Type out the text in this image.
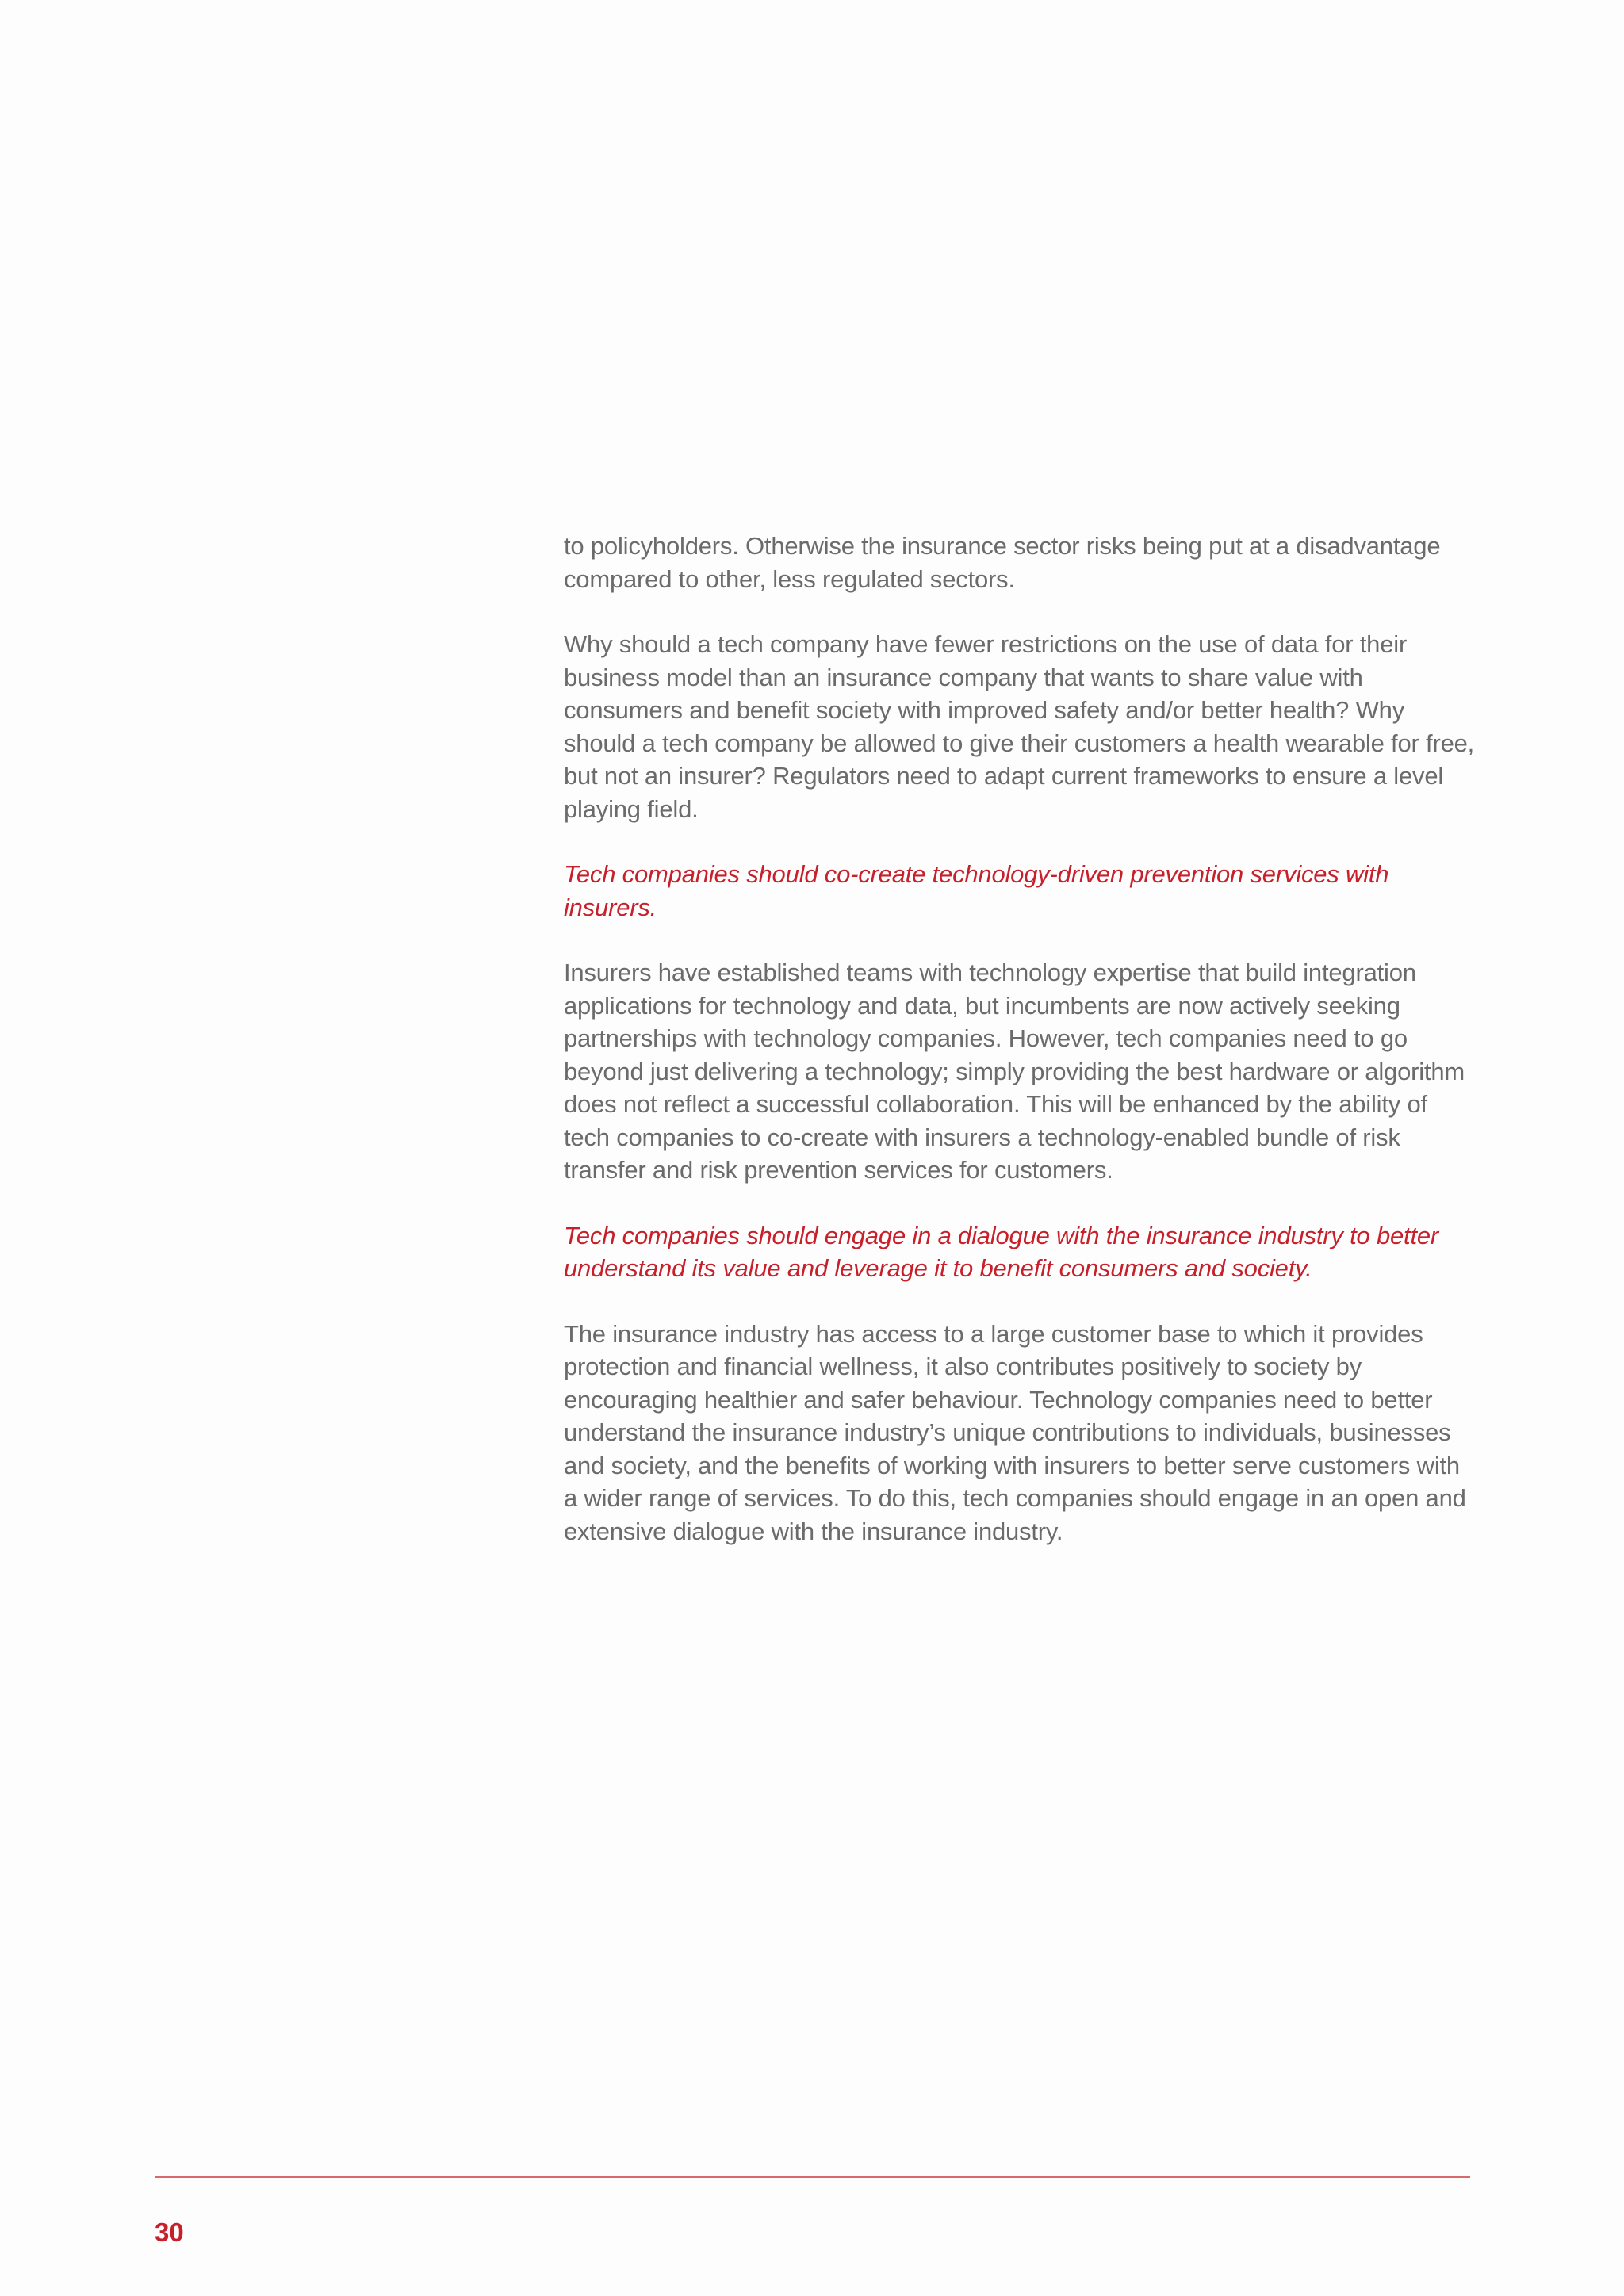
to policyholders. Otherwise the insurance sector risks being put at a disadvantage compared to other, less regulated sectors.

Why should a tech company have fewer restrictions on the use of data for their business model than an insurance company that wants to share value with consumers and benefit society with improved safety and/or better health? Why should a tech company be allowed to give their customers a health wearable for free, but not an insurer? Regulators need to adapt current frameworks to ensure a level playing field.

Tech companies should co-create technology-driven prevention services with insurers.

Insurers have established teams with technology expertise that build integration applications for technology and data, but incumbents are now actively seeking partnerships with technology companies. However, tech companies need to go beyond just delivering a technology; simply providing the best hardware or algorithm does not reflect a successful collaboration. This will be enhanced by the ability of tech companies to co-create with insurers a technology-enabled bundle of risk transfer and risk prevention services for customers.

Tech companies should engage in a dialogue with the insurance industry to better understand its value and leverage it to benefit consumers and society.

The insurance industry has access to a large customer base to which it provides protection and financial wellness, it also contributes positively to society by encouraging healthier and safer behaviour. Technology companies need to better understand the insurance industry’s unique contributions to individuals, businesses and society, and the benefits of working with insurers to better serve customers with a wider range of services. To do this, tech companies should engage in an open and extensive dialogue with the insurance industry.

30
